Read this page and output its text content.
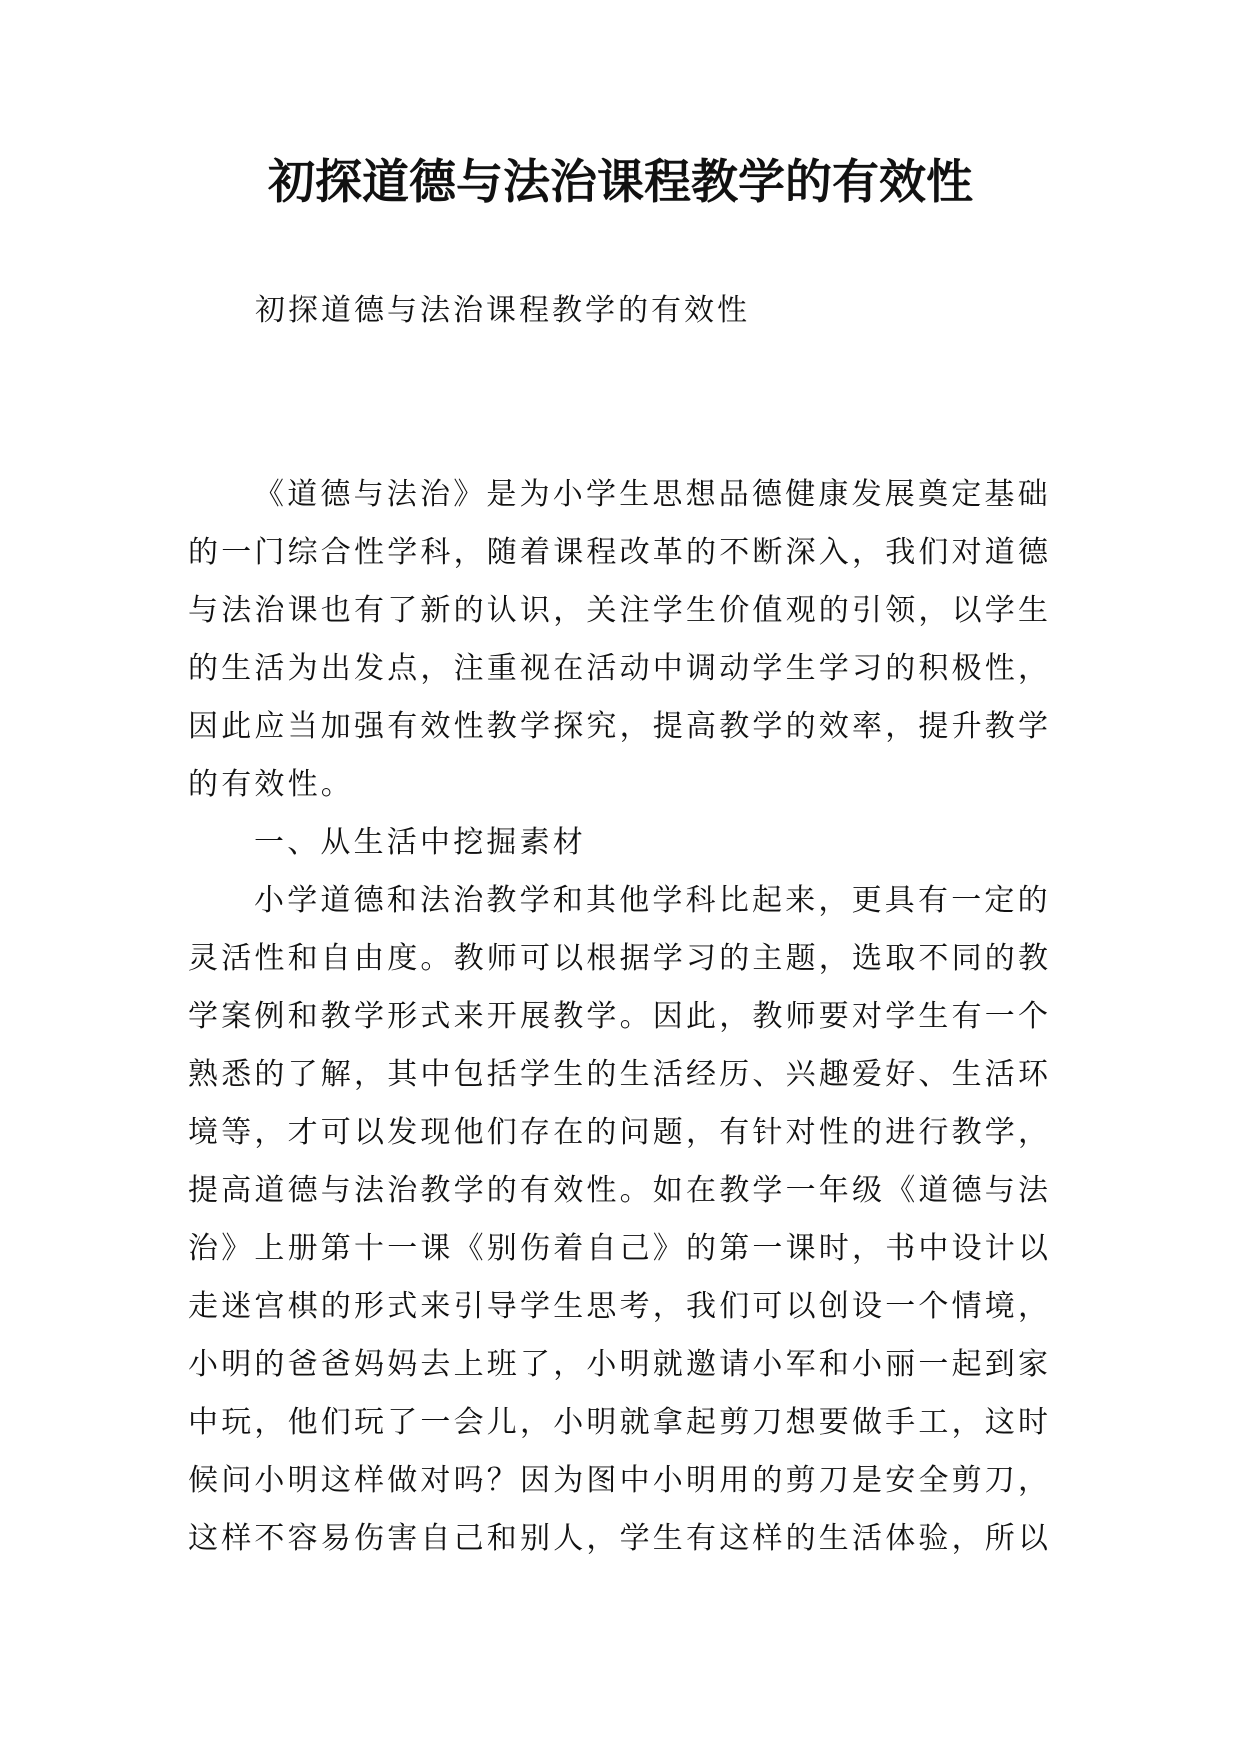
初探道德与法治课程教学的有效性

初探道德与法治课程教学的有效性

《道德与法治》是为小学生思想品德健康发展奠定基础
的一门综合性学科，随着课程改革的不断深入，我们对道德
与法治课也有了新的认识，关注学生价值观的引领，以学生
的生活为出发点，注重视在活动中调动学生学习的积极性，
因此应当加强有效性教学探究，提高教学的效率，提升教学
的有效性。
一、从生活中挖掘素材
小学道德和法治教学和其他学科比起来，更具有一定的
灵活性和自由度。教师可以根据学习的主题，选取不同的教
学案例和教学形式来开展教学。因此，教师要对学生有一个
熟悉的了解，其中包括学生的生活经历、兴趣爱好、生活环
境等，才可以发现他们存在的问题，有针对性的进行教学，
提高道德与法治教学的有效性。如在教学一年级《道德与法
治》上册第十一课《别伤着自己》的第一课时，书中设计以
走迷宫棋的形式来引导学生思考，我们可以创设一个情境，
小明的爸爸妈妈去上班了，小明就邀请小军和小丽一起到家
中玩，他们玩了一会儿，小明就拿起剪刀想要做手工，这时
候问小明这样做对吗？因为图中小明用的剪刀是安全剪刀，
这样不容易伤害自己和别人，学生有这样的生活体验，所以
